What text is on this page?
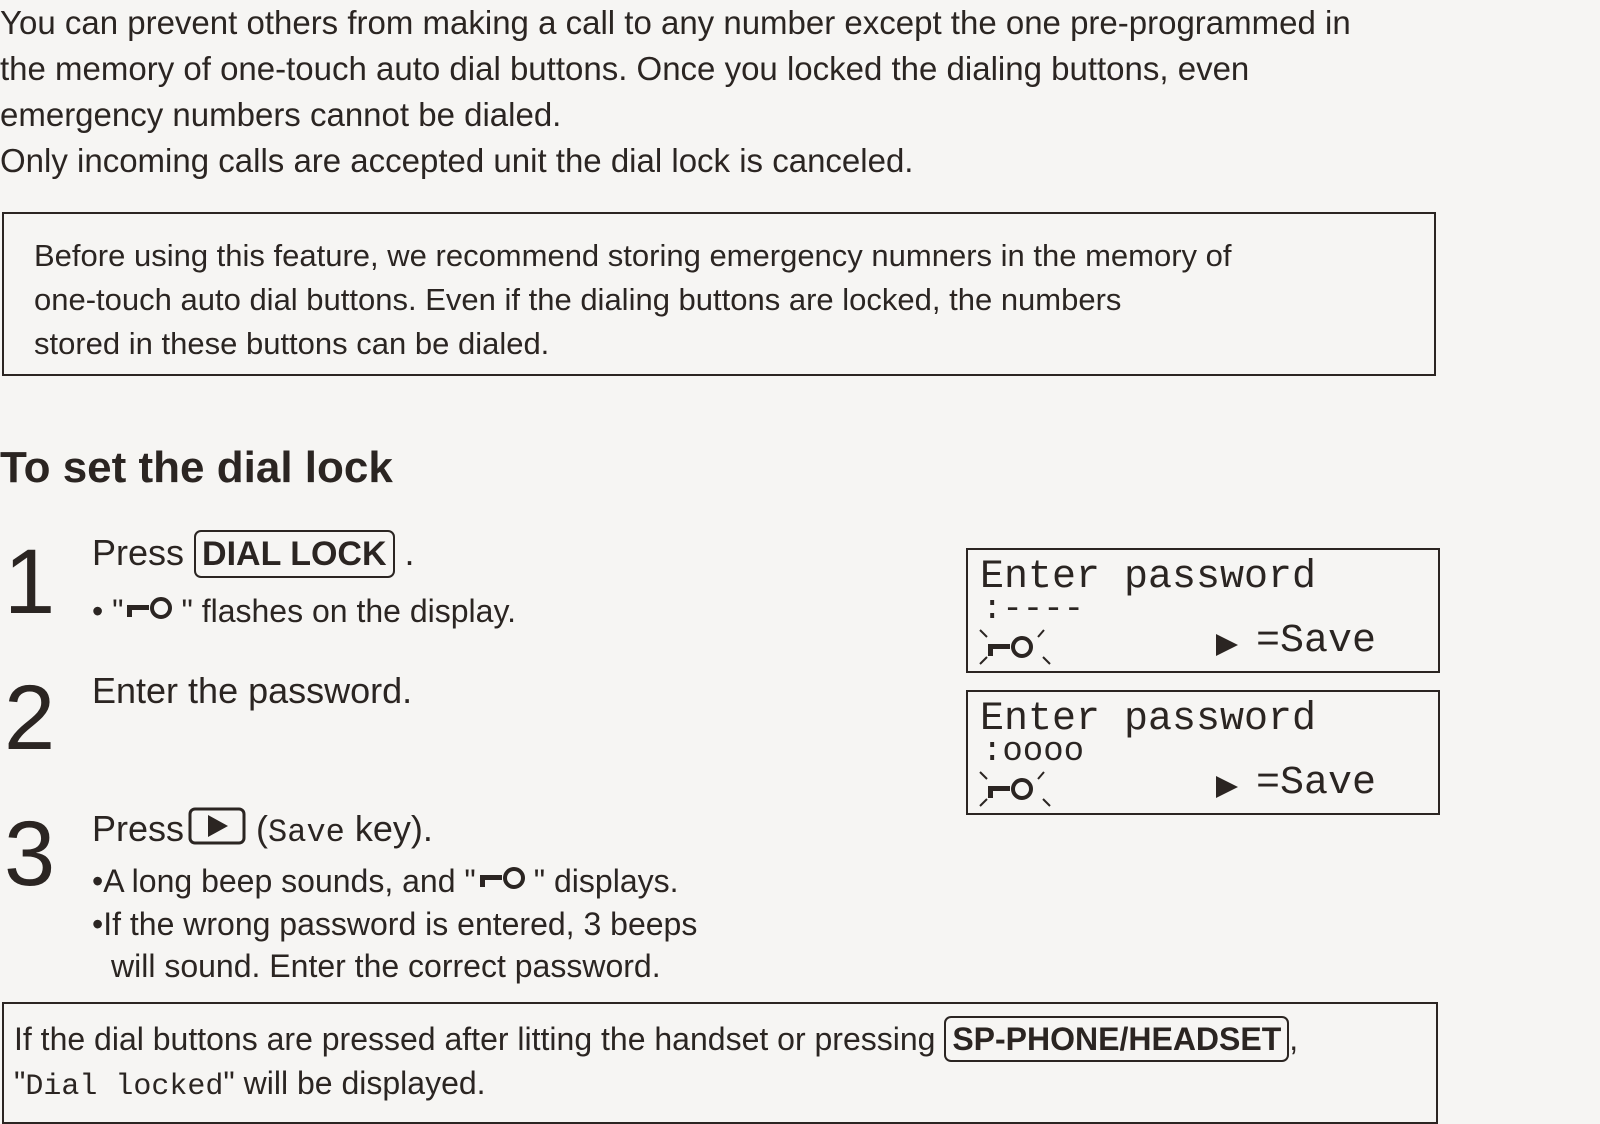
You can prevent others from making a call to any number except the one pre-programmed in

the memory of one-touch auto dial buttons. Once you locked the dialing buttons, even

emergency numbers cannot be dialed.

Only incoming calls are accepted unit the dial lock is canceled.

Before using this feature, we recommend storing emergency numners in the memory of
one-touch auto dial buttons. Even if the dialing buttons are locked, the numbers
stored in these buttons can be dialed.
To set the dial lock
1 Press DIAL LOCK .
• " " flashes on the display.
2 Enter the password.
3 Press (Save key).
•A long beep sounds, and " " displays.
•If the wrong password is entered, 3 beeps
will sound. Enter the correct password.
Enter password
:----
=Save
Enter password
:oooo
=Save
If the dial buttons are pressed after litting the handset or pressing SP-PHONE/HEADSET ,
"Dial locked" will be displayed.
